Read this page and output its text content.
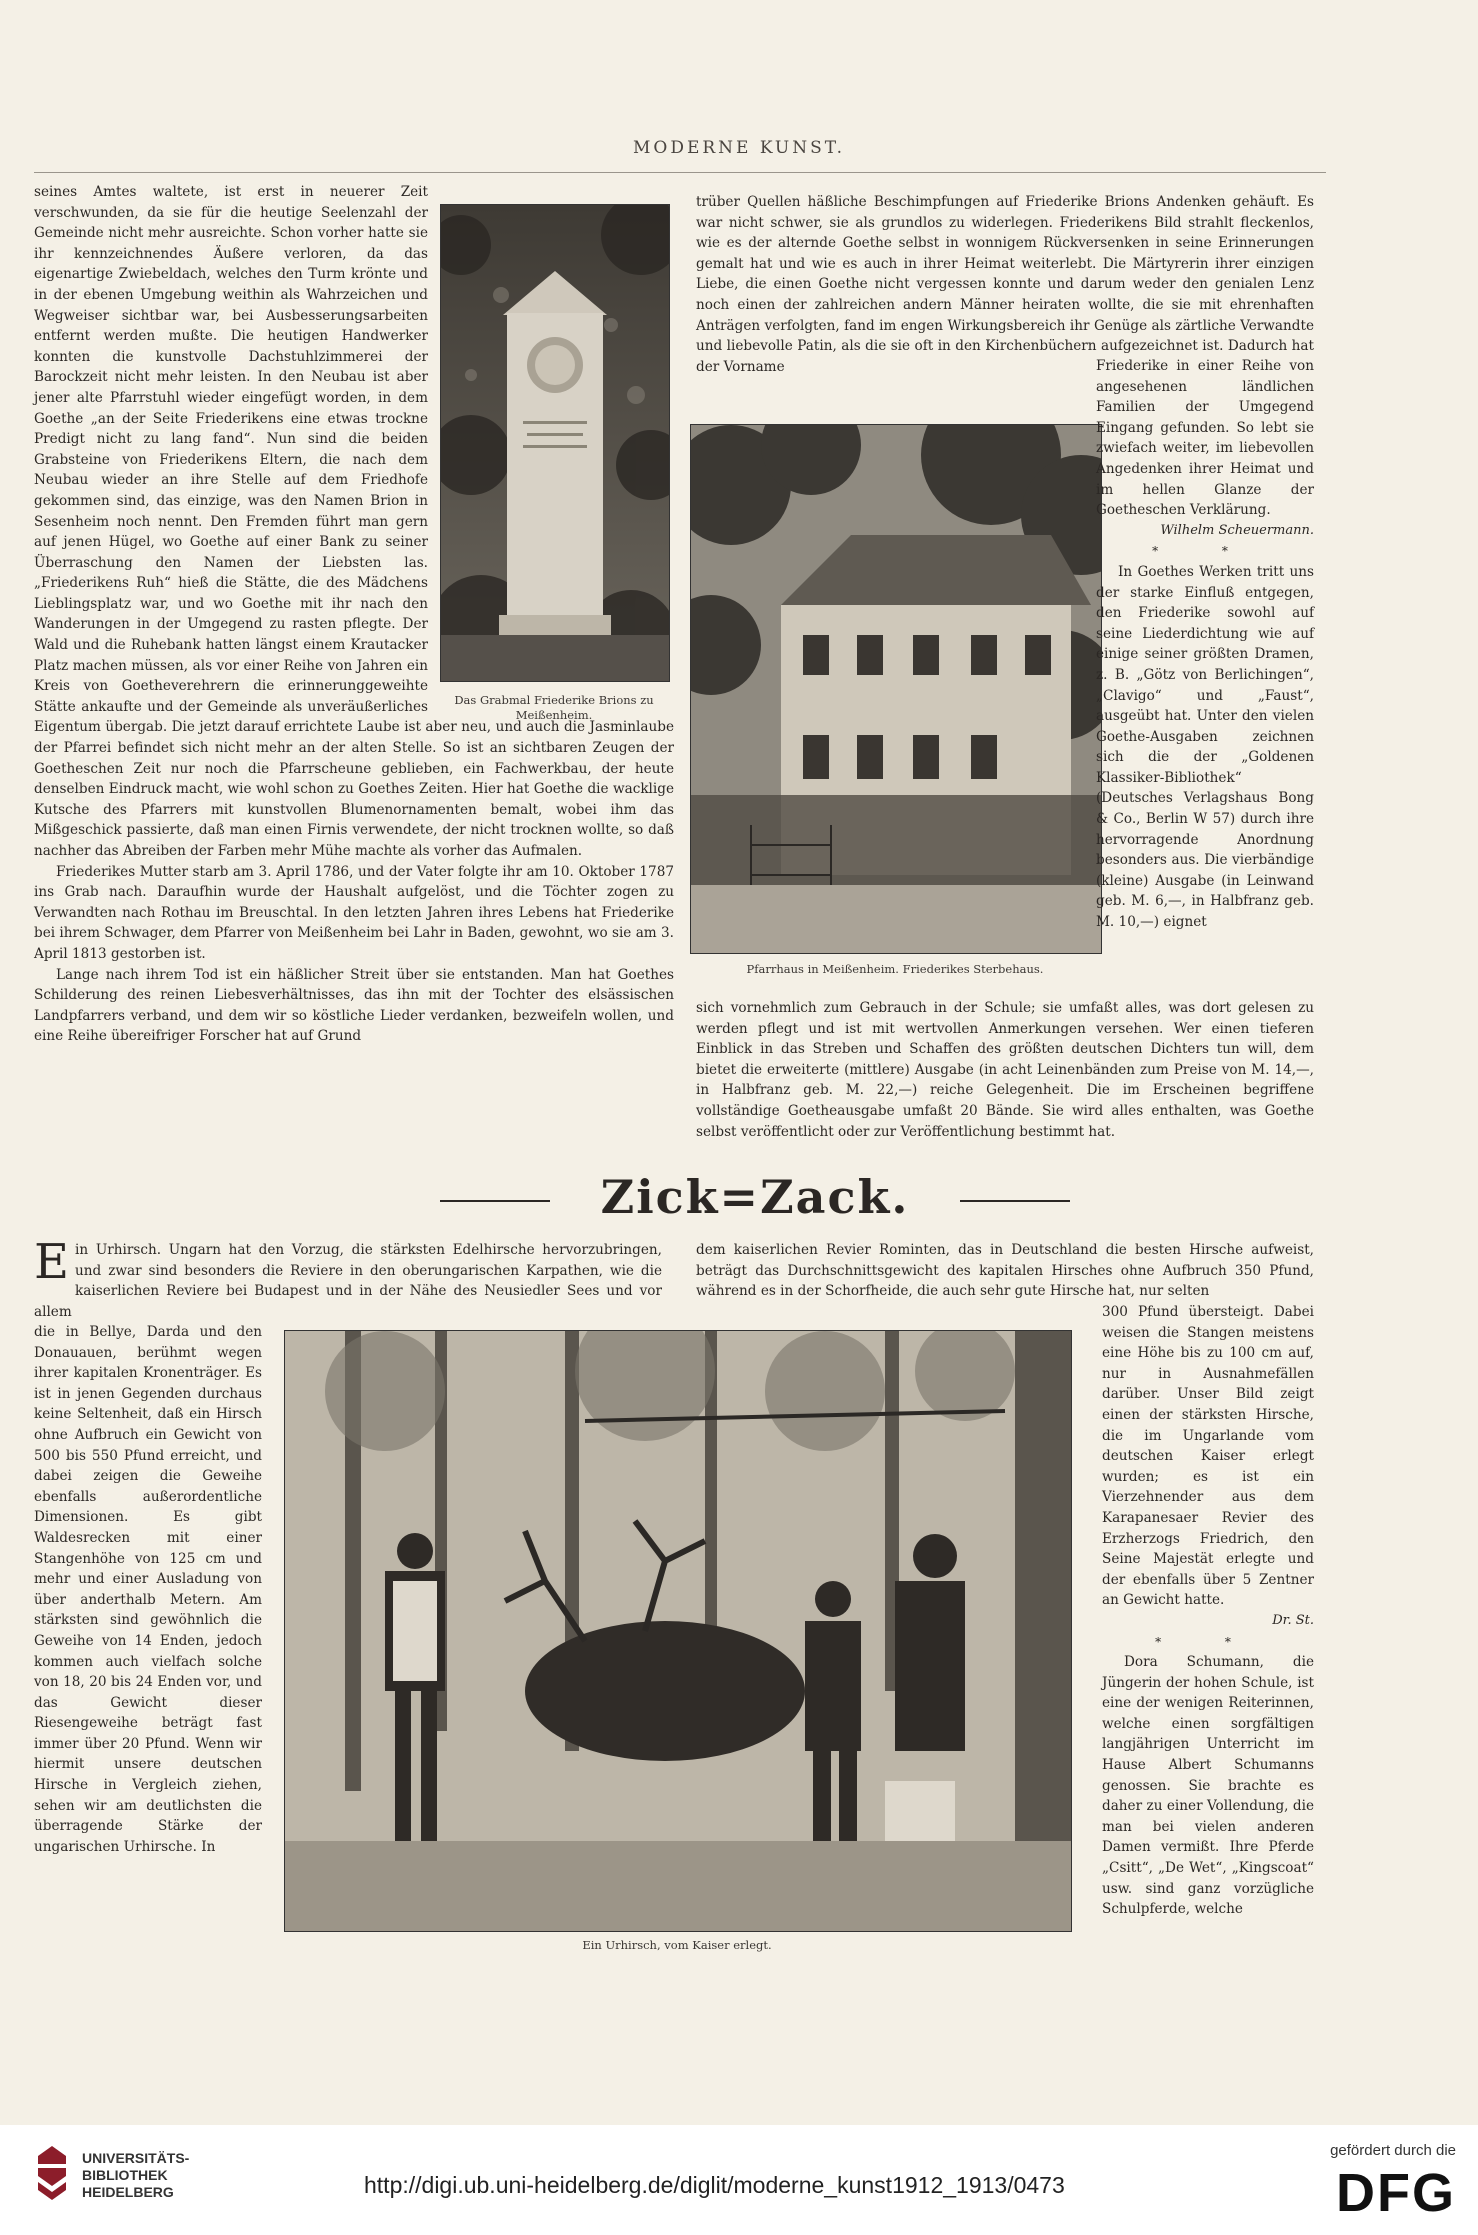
MODERNE KUNST.

seines Amtes waltete, ist erst in neuerer Zeit verschwunden, da sie für die heutige Seelenzahl der Gemeinde nicht mehr ausreichte. Schon vorher hatte sie ihr kennzeichnendes Äußere verloren, da das eigenartige Zwiebeldach, welches den Turm krönte und in der ebenen Umgebung weithin als Wahrzeichen und Wegweiser sichtbar war, bei Ausbesserungsarbeiten entfernt werden mußte. Die heutigen Handwerker konnten die kunstvolle Dachstuhlzimmerei der Barockzeit nicht mehr leisten. In den Neubau ist aber jener alte Pfarrstuhl wieder eingefügt worden, in dem Goethe „an der Seite Friederikens eine etwas trockne Predigt nicht zu lang fand“. Nun sind die beiden Grabsteine von Friederikens Eltern, die nach dem Neubau wieder an ihre Stelle auf dem Friedhofe gekommen sind, das einzige, was den Namen Brion in Sesenheim noch nennt. Den Fremden führt man gern auf jenen Hügel, wo Goethe auf einer Bank zu seiner Überraschung den Namen der Liebsten las. „Friederikens Ruh“ hieß die Stätte, die des Mädchens Lieblingsplatz war, und wo Goethe mit ihr nach den Wanderungen in der Umgegend zu rasten pflegte. Der Wald und die Ruhebank hatten längst einem Krautacker Platz machen müssen, als vor einer Reihe von Jahren ein Kreis von Goetheverehrern die erinnerunggeweihte Stätte ankaufte und der Gemeinde als unveräußerliches Eigentum übergab. Die jetzt darauf errichtete Laube ist aber neu, und auch die Jasminlaube der Pfarrei befindet sich nicht mehr an der alten Stelle. So ist an sichtbaren Zeugen der Goetheschen Zeit nur noch die Pfarrscheune geblieben, ein Fachwerkbau, der heute denselben Eindruck macht, wie wohl schon zu Goethes Zeiten. Hier hat Goethe die wacklige Kutsche des Pfarrers mit kunstvollen Blumenornamenten bemalt, wobei ihm das Mißgeschick passierte, daß man einen Firnis verwendete, der nicht trocknen wollte, so daß nachher das Abreiben der Farben mehr Mühe machte als vorher das Aufmalen.

Friederikes Mutter starb am 3. April 1786, und der Vater folgte ihr am 10. Oktober 1787 ins Grab nach. Daraufhin wurde der Haushalt aufgelöst, und die Töchter zogen zu Verwandten nach Rothau im Breuschtal. In den letzten Jahren ihres Lebens hat Friederike bei ihrem Schwager, dem Pfarrer von Meißenheim bei Lahr in Baden, gewohnt, wo sie am 3. April 1813 gestorben ist.

Lange nach ihrem Tod ist ein häßlicher Streit über sie entstanden. Man hat Goethes Schilderung des reinen Liebesverhältnisses, das ihn mit der Tochter des elsässischen Landpfarrers verband, und dem wir so köstliche Lieder verdanken, bezweifeln wollen, und eine Reihe übereifriger Forscher hat auf Grund

Das Grabmal Friederike Brions zu Meißenheim.
trüber Quellen häßliche Beschimpfungen auf Friederike Brions Andenken gehäuft. Es war nicht schwer, sie als grundlos zu widerlegen. Friederikens Bild strahlt fleckenlos, wie es der alternde Goethe selbst in wonnigem Rückversenken in seine Erinnerungen gemalt hat und wie es auch in ihrer Heimat weiterlebt. Die Märtyrerin ihrer einzigen Liebe, die einen Goethe nicht vergessen konnte und darum weder den genialen Lenz noch einen der zahlreichen andern Männer heiraten wollte, die sie mit ehrenhaften Anträgen verfolgten, fand im engen Wirkungsbereich ihr Genüge als zärtliche Verwandte und liebevolle Patin, als die sie oft in den Kirchenbüchern aufgezeichnet ist. Dadurch hat der Vorname
Pfarrhaus in Meißenheim. Friederikes Sterbehaus.

Friederike in einer Reihe von angesehenen ländlichen Familien der Umgegend Eingang gefunden. So lebt sie zwiefach weiter, im liebevollen Angedenken ihrer Heimat und im hellen Glanze der Goetheschen Verklärung.

Wilhelm Scheuermann.

* *

In Goethes Werken tritt uns der starke Einfluß entgegen, den Friederike sowohl auf seine Liederdichtung wie auf einige seiner größten Dramen, z. B. „Götz von Berlichingen“, „Clavigo“ und „Faust“, ausgeübt hat. Unter den vielen Goethe-Ausgaben zeichnen sich die der „Goldenen Klassiker-Bibliothek“ (Deutsches Verlagshaus Bong & Co., Berlin W 57) durch ihre hervorragende Anordnung besonders aus. Die vierbändige (kleine) Ausgabe (in Leinwand geb. M. 6,—, in Halbfranz geb. M. 10,—) eignet

sich vornehmlich zum Gebrauch in der Schule; sie umfaßt alles, was dort gelesen zu werden pflegt und ist mit wertvollen Anmerkungen versehen. Wer einen tieferen Einblick in das Streben und Schaffen des größten deutschen Dichters tun will, dem bietet die erweiterte (mittlere) Ausgabe (in acht Leinenbänden zum Preise von M. 14,—, in Halbfranz geb. M. 22,—) reiche Gelegenheit. Die im Erscheinen begriffene vollständige Goetheausgabe umfaßt 20 Bände. Sie wird alles enthalten, was Goethe selbst veröffentlicht oder zur Veröffentlichung bestimmt hat.
Zick=Zack.
Ein Urhirsch. Ungarn hat den Vorzug, die stärksten Edelhirsche hervorzubringen, und zwar sind besonders die Reviere in den oberungarischen Karpathen, wie die kaiserlichen Reviere bei Budapest und in der Nähe des Neusiedler Sees und vor allem
dem kaiserlichen Revier Rominten, das in Deutschland die besten Hirsche aufweist, beträgt das Durchschnittsgewicht des kapitalen Hirsches ohne Aufbruch 350 Pfund, während es in der Schorfheide, die auch sehr gute Hirsche hat, nur selten
die in Bellye, Darda und den Donauauen, berühmt wegen ihrer kapitalen Kronenträger. Es ist in jenen Gegenden durchaus keine Seltenheit, daß ein Hirsch ohne Aufbruch ein Gewicht von 500 bis 550 Pfund erreicht, und dabei zeigen die Geweihe ebenfalls außerordentliche Dimensionen. Es gibt Waldesrecken mit einer Stangenhöhe von 125 cm und mehr und einer Ausladung von über anderthalb Metern. Am stärksten sind gewöhnlich die Geweihe von 14 Enden, jedoch kommen auch vielfach solche von 18, 20 bis 24 Enden vor, und das Gewicht dieser Riesengeweihe beträgt fast immer über 20 Pfund. Wenn wir hiermit unsere deutschen Hirsche in Vergleich ziehen, sehen wir am deutlichsten die überragende Stärke der ungarischen Urhirsche. In
Ein Urhirsch, vom Kaiser erlegt.

300 Pfund übersteigt. Dabei weisen die Stangen meistens eine Höhe bis zu 100 cm auf, nur in Ausnahmefällen darüber. Unser Bild zeigt einen der stärksten Hirsche, die im Ungarlande vom deutschen Kaiser erlegt wurden; es ist ein Vierzehnender aus dem Karapanesaer Revier des Erzherzogs Friedrich, den Seine Majestät erlegte und der ebenfalls über 5 Zentner an Gewicht hatte.

Dr. St.

* *

Dora Schumann, die Jüngerin der hohen Schule, ist eine der wenigen Reiterinnen, welche einen sorgfältigen langjährigen Unterricht im Hause Albert Schumanns genossen. Sie brachte es daher zu einer Vollendung, die man bei vielen anderen Damen vermißt. Ihre Pferde „Csitt“, „De Wet“, „Kingscoat“ usw. sind ganz vorzügliche Schulpferde, welche

UNIVERSITÄTS-
BIBLIOTHEK
HEIDELBERG	http://digi.ub.uni-heidelberg.de/diglit/moderne_kunst1912_1913/0473
gefördert durch die
DFG
